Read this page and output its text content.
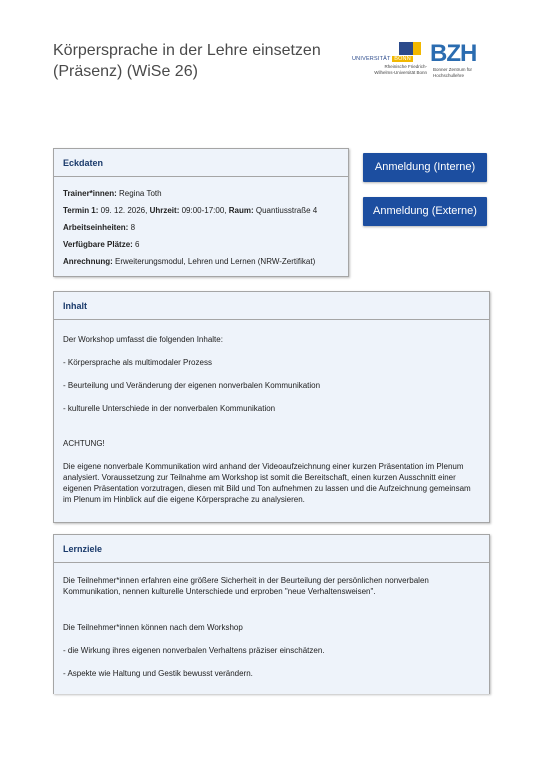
Körpersprache in der Lehre einsetzen (Präsenz) (WiSe 26)
UNIVERSITÄT BONN
Rheinische Friedrich-Wilhelms-Universität Bonn
BZH
Bonner Zentrum für Hochschullehre
Eckdaten
Trainer*innen: Regina Toth
Termin 1: 09. 12. 2026, Uhrzeit: 09:00-17:00, Raum: Quantiusstraße 4
Arbeitseinheiten: 8
Verfügbare Plätze: 6
Anrechnung: Erweiterungsmodul, Lehren und Lernen (NRW-Zertifikat)
Anmeldung (Interne)
Anmeldung (Externe)
Inhalt

Der Workshop umfasst die folgenden Inhalte:

- Körpersprache als multimodaler Prozess

- Beurteilung und Veränderung der eigenen nonverbalen Kommunikation

- kulturelle Unterschiede in der nonverbalen Kommunikation

ACHTUNG!

Die eigene nonverbale Kommunikation wird anhand der Videoaufzeichnung einer kurzen Präsentation im Plenum analysiert. Voraussetzung zur Teilnahme am Workshop ist somit die Bereitschaft, einen kurzen Ausschnitt einer eigenen Präsentation vorzutragen, diesen mit Bild und Ton aufnehmen zu lassen und die Aufzeichnung gemeinsam im Plenum im Hinblick auf die eigene Körpersprache zu analysieren.

Lernziele

Die Teilnehmer*innen erfahren eine größere Sicherheit in der Beurteilung der persönlichen nonverbalen Kommunikation, nennen kulturelle Unterschiede und erproben "neue Verhaltensweisen".

Die Teilnehmer*innen können nach dem Workshop

- die Wirkung ihres eigenen nonverbalen Verhaltens präziser einschätzen.

- Aspekte wie Haltung und Gestik bewusst verändern.
